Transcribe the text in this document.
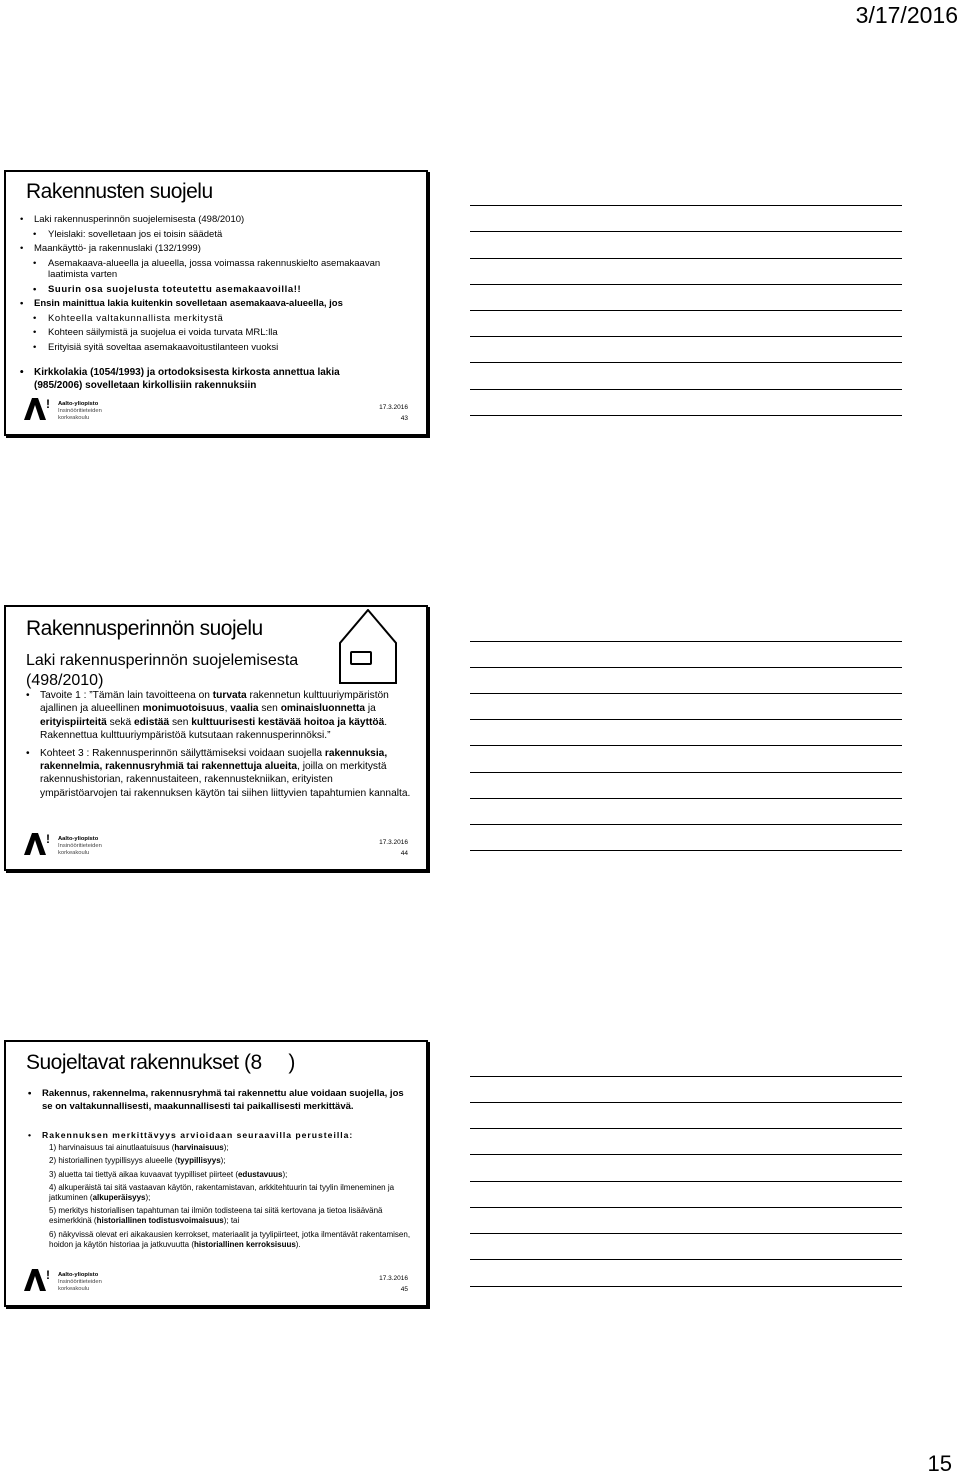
3/17/2016
Rakennusten suojelu
• Laki rakennusperinnön suojelemisesta (498/2010)
• Yleislaki: sovelletaan jos ei toisin säädetä
• Maankäyttö- ja rakennuslaki (132/1999)
• Asemakaava-alueella ja alueella, jossa voimassa rakennuskielto asemakaavan laatimista varten
• Suurin osa suojelusta toteutettu asemakaavoilla!!
• Ensin mainittua lakia kuitenkin sovelletaan asemakaava-alueella, jos
• Kohteella valtakunnallista merkitystä
• Kohteen säilymistä ja suojelua ei voida turvata MRL:lla
• Erityisiä syitä soveltaa asemakaavoitustilanteen vuoksi
• Kirkkolakia (1054/1993) ja ortodoksisesta kirkosta annettua lakia (985/2006) sovelletaan kirkollisiin rakennuksiin
! Aalto-yliopisto
Insinööritieteiden
korkeakoulu
17.3.2016
43
Rakennusperinnön suojelu
Laki rakennusperinnön suojelemisesta (498/2010)
• Tavoite 1 : ”Tämän lain tavoitteena on turvata rakennetun kulttuuriympäristön ajallinen ja alueellinen monimuotoisuus, vaalia sen ominaisluonnetta ja erityispiirteitä sekä edistää sen kulttuurisesti kestävää hoitoa ja käyttöä. Rakennettua kulttuuriympäristöä kutsutaan rakennusperinnöksi.”
• Kohteet 3 : Rakennusperinnön säilyttämiseksi voidaan suojella rakennuksia, rakennelmia, rakennusryhmiä tai rakennettuja alueita, joilla on merkitystä rakennushistorian, rakennustaiteen, rakennustekniikan, erityisten ympäristöarvojen tai rakennuksen käytön tai siihen liittyvien tapahtumien kannalta.
! Aalto-yliopisto
Insinööritieteiden
korkeakoulu
17.3.2016
44
Suojeltavat rakennukset (8 )
• Rakennus, rakennelma, rakennusryhmä tai rakennettu alue voidaan suojella, jos se on valtakunnallisesti, maakunnallisesti tai paikallisesti merkittävä.
• Rakennuksen merkittävyys arvioidaan seuraavilla perusteilla:
1) harvinaisuus tai ainutlaatuisuus (harvinaisuus);
2) historiallinen tyypillisyys alueelle (tyypillisyys);
3) aluetta tai tiettyä aikaa kuvaavat tyypilliset piirteet (edustavuus);
4) alkuperäistä tai sitä vastaavan käytön, rakentamistavan, arkkitehtuurin tai tyylin ilmeneminen ja jatkuminen (alkuperäisyys);
5) merkitys historiallisen tapahtuman tai ilmiön todisteena tai siitä kertovana ja tietoa lisäävänä esimerkkinä (historiallinen todistusvoimaisuus); tai
6) näkyvissä olevat eri aikakausien kerrokset, materiaalit ja tyylipiirteet, jotka ilmentävät rakentamisen, hoidon ja käytön historiaa ja jatkuvuutta (historiallinen kerroksisuus).
! Aalto-yliopisto
Insinööritieteiden
korkeakoulu
17.3.2016
45
15
